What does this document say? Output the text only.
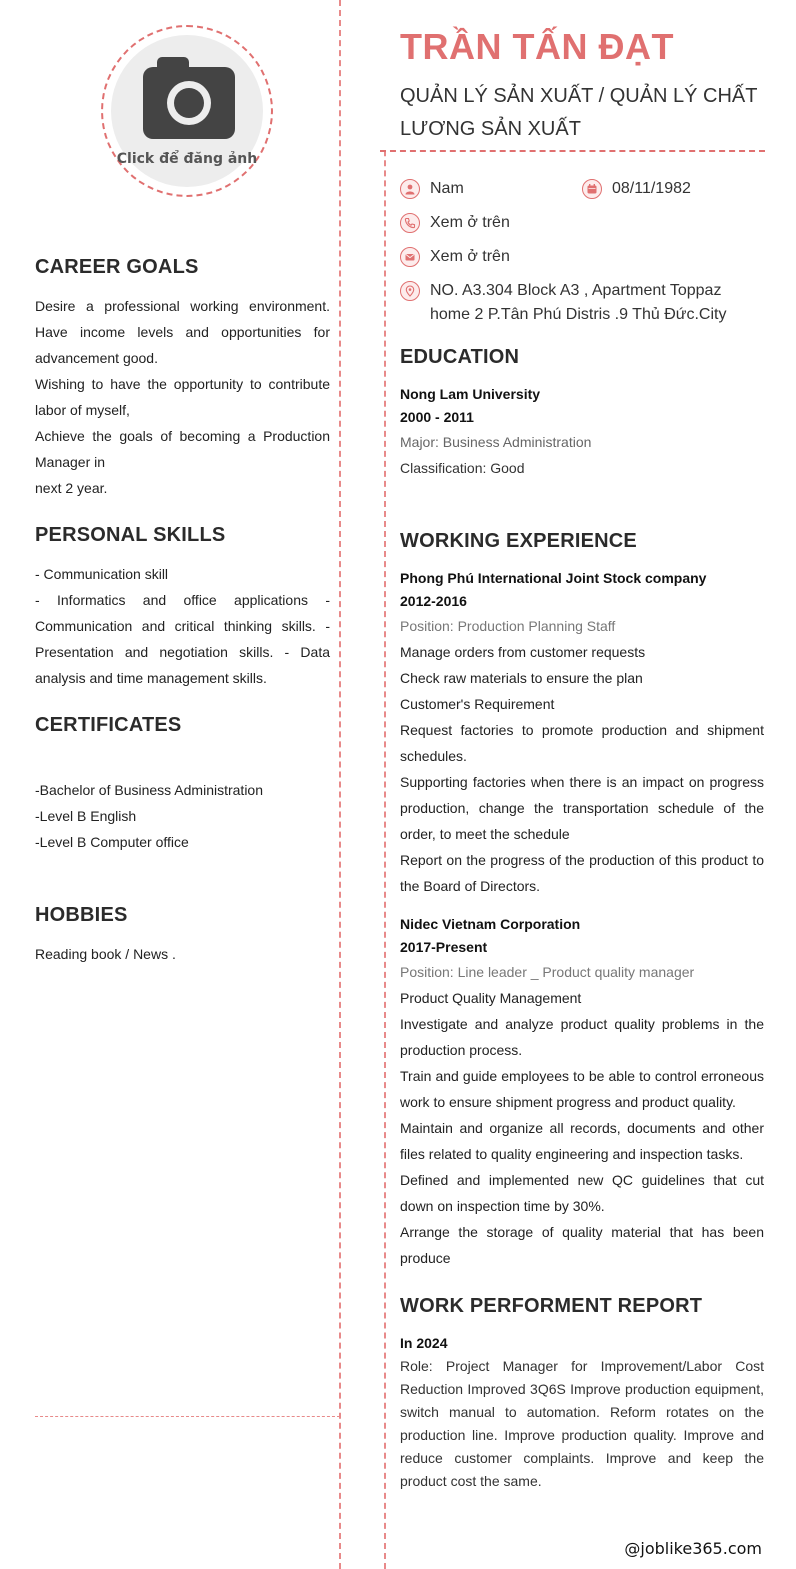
Click để đăng ảnh
CAREER GOALS
Desire a professional working environment. Have income levels and opportunities for advancement good.
Wishing to have the opportunity to contribute labor of myself,
Achieve the goals of becoming a Production Manager in
next 2 year.
PERSONAL SKILLS
- Communication skill
- Informatics and office applications - Communication and critical thinking skills. - Presentation and negotiation skills. - Data analysis and time management skills.
CERTIFICATES
-Bachelor of Business Administration
-Level B English
-Level B Computer office
HOBBIES
Reading book / News .
TRẦN TẤN ĐẠT
QUẢN LÝ SẢN XUẤT / QUẢN LÝ CHẤT LƯƠNG SẢN XUẤT
Nam	08/11/1982
Xem ở trên
Xem ở trên
NO. A3.304 Block A3 , Apartment Toppaz home 2 P.Tân Phú Distris .9 Thủ Đức.City
EDUCATION
Nong Lam University
2000 - 2011
Major: Business Administration
Classification: Good
WORKING EXPERIENCE
Phong Phú International Joint Stock company
2012-2016
Position: Production Planning Staff
Manage orders from customer requests
Check raw materials to ensure the plan
Customer's Requirement
Request factories to promote production and shipment schedules.
Supporting factories when there is an impact on progress production, change the transportation schedule of the order, to meet the schedule
Report on the progress of the production of this product to the Board of Directors.
Nidec Vietnam Corporation
2017-Present
Position: Line leader _ Product quality manager
Product Quality Management
Investigate and analyze product quality problems in the production process.
Train and guide employees to be able to control erroneous work to ensure shipment progress and product quality.
Maintain and organize all records, documents and other files related to quality engineering and inspection tasks.
Defined and implemented new QC guidelines that cut down on inspection time by 30%.
Arrange the storage of quality material that has been produce
WORK PERFORMENT REPORT
In 2024
Role: Project Manager for Improvement/Labor Cost Reduction Improved 3Q6S Improve production equipment, switch manual to automation. Reform rotates on the production line. Improve production quality. Improve and reduce customer complaints. Improve and keep the product cost the same.
@joblike365.com
